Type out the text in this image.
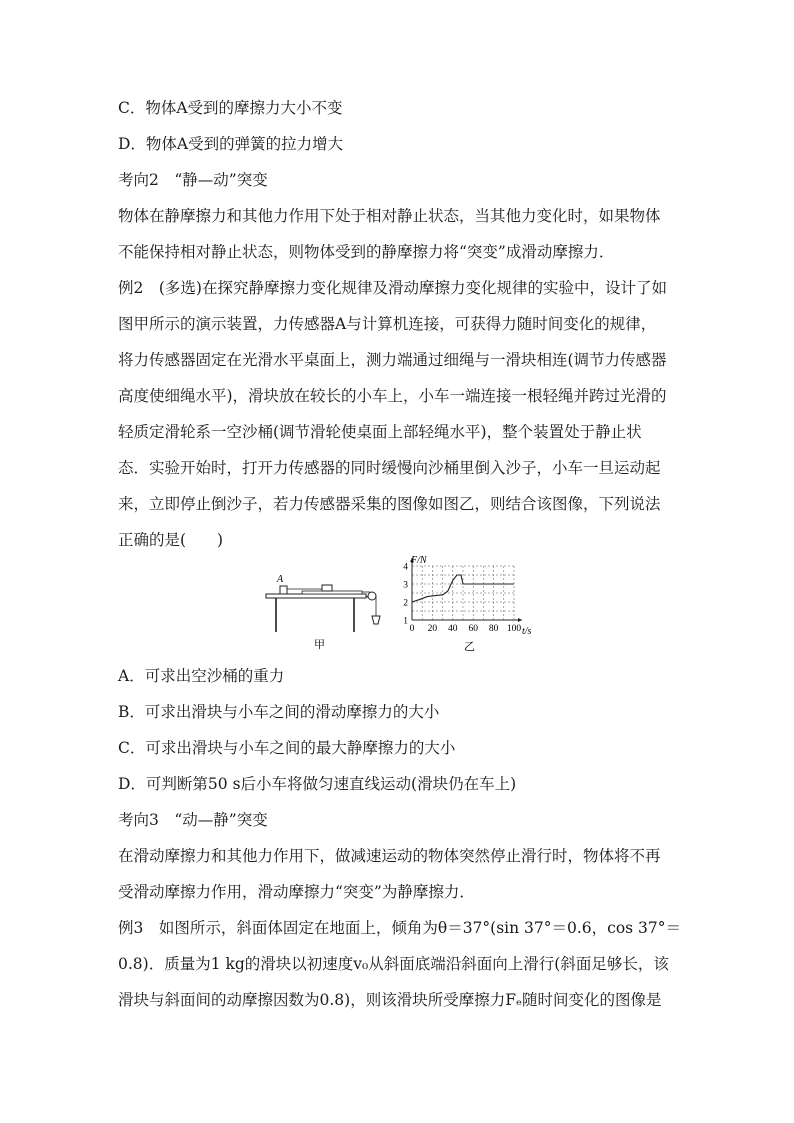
C．物体A受到的摩擦力大小不变
D．物体A受到的弹簧的拉力增大
考向2　“静—动”突变
物体在静摩擦力和其他力作用下处于相对静止状态，当其他力变化时，如果物体
不能保持相对静止状态，则物体受到的静摩擦力将“突变”成滑动摩擦力．
例2　(多选)在探究静摩擦力变化规律及滑动摩擦力变化规律的实验中，设计了如
图甲所示的演示装置，力传感器A与计算机连接，可获得力随时间变化的规律，
将力传感器固定在光滑水平桌面上，测力端通过细绳与一滑块相连(调节力传感器
高度使细绳水平)，滑块放在较长的小车上，小车一端连接一根轻绳并跨过光滑的
轻质定滑轮系一空沙桶(调节滑轮使桌面上部轻绳水平)，整个装置处于静止状
态．实验开始时，打开力传感器的同时缓慢向沙桶里倒入沙子，小车一旦运动起
来，立即停止倒沙子，若力传感器采集的图像如图乙，则结合该图像，下列说法
正确的是(　　)
A
甲
0 20 40 60 80 100
1
2
3
4
F/N
t/s
乙
A．可求出空沙桶的重力
B．可求出滑块与小车之间的滑动摩擦力的大小
C．可求出滑块与小车之间的最大静摩擦力的大小
D．可判断第50 s后小车将做匀速直线运动(滑块仍在车上)
考向3　“动—静”突变
在滑动摩擦力和其他力作用下，做减速运动的物体突然停止滑行时，物体将不再
受滑动摩擦力作用，滑动摩擦力“突变”为静摩擦力．
例3　如图所示，斜面体固定在地面上，倾角为θ＝37°(sin 37°＝0.6，cos 37°＝
0.8)．质量为1 kg的滑块以初速度v₀从斜面底端沿斜面向上滑行(斜面足够长，该
滑块与斜面间的动摩擦因数为0.8)，则该滑块所受摩擦力Fₑ随时间变化的图像是
